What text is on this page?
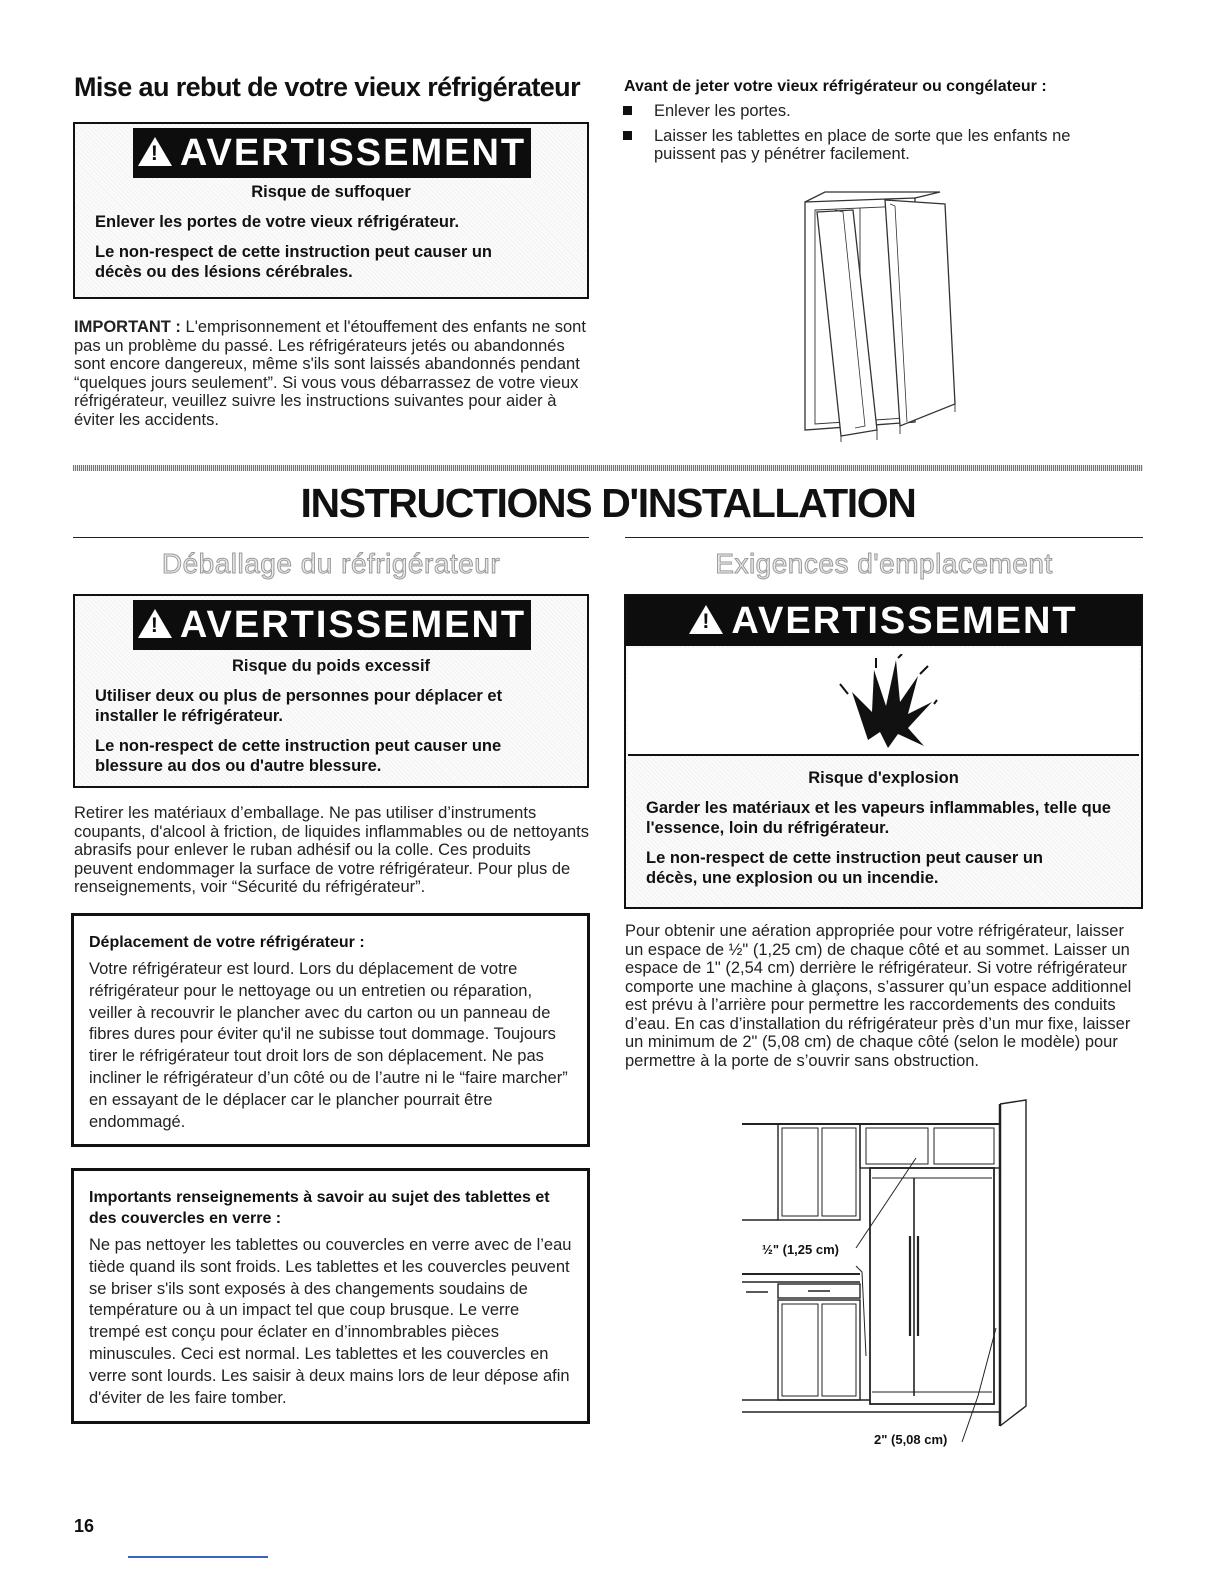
Mise au rebut de votre vieux réfrigérateur
!
AVERTISSEMENT
Risque de suffoquer
Enlever les portes de votre vieux réfrigérateur.
Le non-respect de cette instruction peut causer un décès ou des lésions cérébrales.

IMPORTANT : L'emprisonnement et l'étouffement des enfants ne sont pas un problème du passé. Les réfrigérateurs jetés ou abandonnés sont encore dangereux, même s'ils sont laissés abandonnés pendant “quelques jours seulement”. Si vous vous débarrassez de votre vieux réfrigérateur, veuillez suivre les instructions suivantes pour aider à éviter les accidents.

Avant de jeter votre vieux réfrigérateur ou congélateur :
Enlever les portes.
Laisser les tablettes en place de sorte que les enfants ne puissent pas y pénétrer facilement.
INSTRUCTIONS D'INSTALLATION
Déballage du réfrigérateur	Exigences d'emplacement
!
AVERTISSEMENT
Risque du poids excessif
Utiliser deux ou plus de personnes pour déplacer et installer le réfrigérateur.
Le non-respect de cette instruction peut causer une blessure au dos ou d'autre blessure.

Retirer les matériaux d’emballage. Ne pas utiliser d’instruments coupants, d'alcool à friction, de liquides inflammables ou de nettoyants abrasifs pour enlever le ruban adhésif ou la colle. Ces produits peuvent endommager la surface de votre réfrigérateur. Pour plus de renseignements, voir “Sécurité du réfrigérateur”.

Déplacement de votre réfrigérateur :

Votre réfrigérateur est lourd. Lors du déplacement de votre réfrigérateur pour le nettoyage ou un entretien ou réparation, veiller à recouvrir le plancher avec du carton ou un panneau de fibres dures pour éviter qu'il ne subisse tout dommage. Toujours tirer le réfrigérateur tout droit lors de son déplacement. Ne pas incliner le réfrigérateur d’un côté ou de l’autre ni le “faire marcher” en essayant de le déplacer car le plancher pourrait être endommagé.

Importants renseignements à savoir au sujet des tablettes et des couvercles en verre :

Ne pas nettoyer les tablettes ou couvercles en verre avec de l’eau tiède quand ils sont froids. Les tablettes et les couvercles peuvent se briser s'ils sont exposés à des changements soudains de température ou à un impact tel que coup brusque. Le verre trempé est conçu pour éclater en d’innombrables pièces minuscules. Ceci est normal. Les tablettes et les couvercles en verre sont lourds. Les saisir à deux mains lors de leur dépose afin d'éviter de les faire tomber.

!
AVERTISSEMENT
Risque d'explosion
Garder les matériaux et les vapeurs inflammables, telle que l'essence, loin du réfrigérateur.
Le non-respect de cette instruction peut causer un décès, une explosion ou un incendie.

Pour obtenir une aération appropriée pour votre réfrigérateur, laisser un espace de ½" (1,25 cm) de chaque côté et au sommet. Laisser un espace de 1" (2,54 cm) derrière le réfrigérateur. Si votre réfrigérateur comporte une machine à glaçons, s’assurer qu’un espace additionnel est prévu à l’arrière pour permettre les raccordements des conduits d’eau. En cas d’installation du réfrigérateur près d’un mur fixe, laisser un minimum de 2" (5,08 cm) de chaque côté (selon le modèle) pour permettre à la porte de s’ouvrir sans obstruction.

½" (1,25 cm)
2" (5,08 cm)
16
